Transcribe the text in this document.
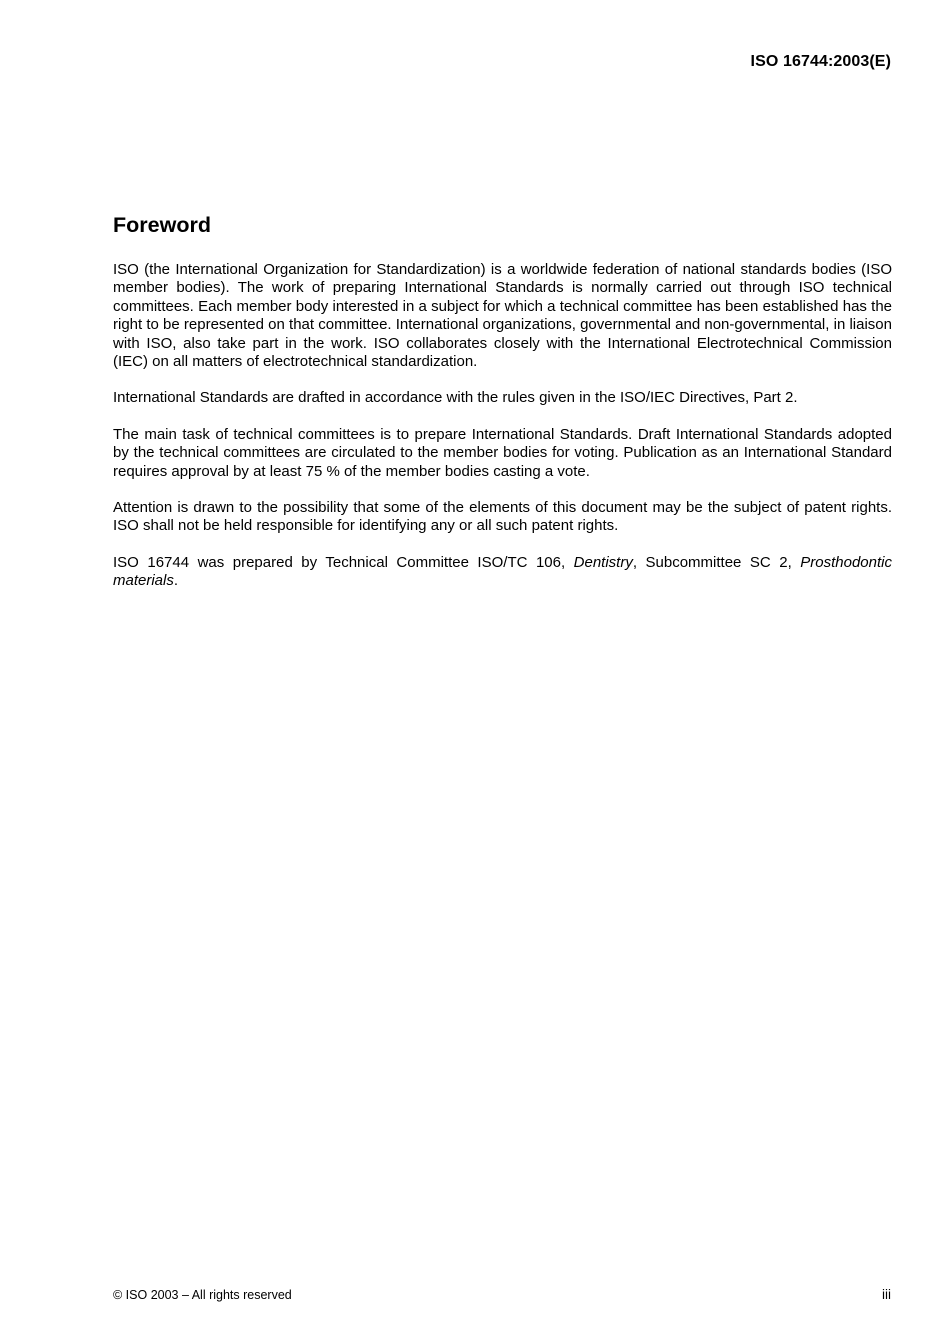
ISO 16744:2003(E)
Foreword

ISO (the International Organization for Standardization) is a worldwide federation of national standards bodies (ISO member bodies). The work of preparing International Standards is normally carried out through ISO technical committees. Each member body interested in a subject for which a technical committee has been established has the right to be represented on that committee. International organizations, governmental and non-governmental, in liaison with ISO, also take part in the work. ISO collaborates closely with the International Electrotechnical Commission (IEC) on all matters of electrotechnical standardization.

International Standards are drafted in accordance with the rules given in the ISO/IEC Directives, Part 2.

The main task of technical committees is to prepare International Standards. Draft International Standards adopted by the technical committees are circulated to the member bodies for voting. Publication as an International Standard requires approval by at least 75 % of the member bodies casting a vote.

Attention is drawn to the possibility that some of the elements of this document may be the subject of patent rights. ISO shall not be held responsible for identifying any or all such patent rights.

ISO 16744 was prepared by Technical Committee ISO/TC 106, Dentistry, Subcommittee SC 2, Prosthodontic materials.

© ISO 2003 – All rights reserved	iii
